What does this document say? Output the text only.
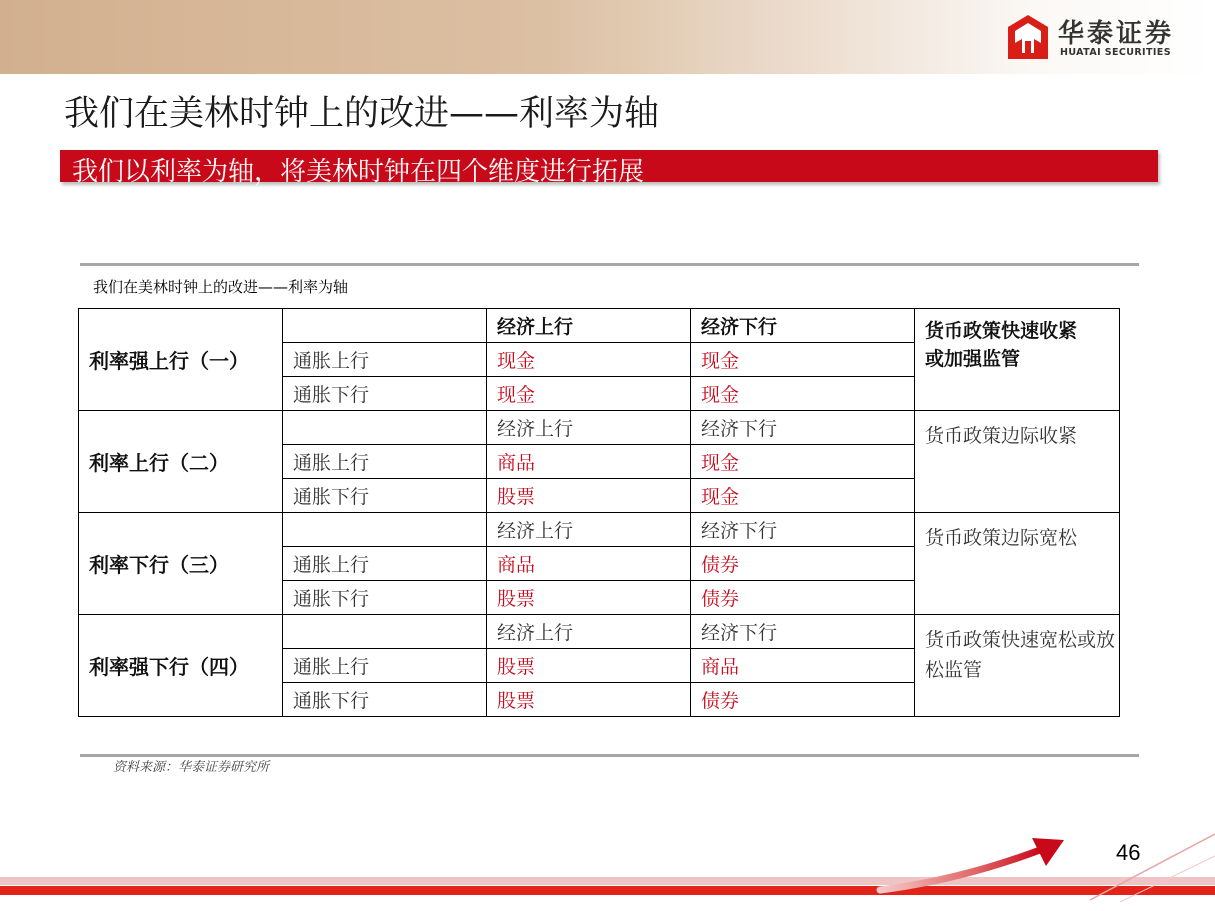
华泰证券
HUATAI SECURITIES
我们在美林时钟上的改进——利率为轴
我们以利率为轴，将美林时钟在四个维度进行拓展
我们在美林时钟上的改进——利率为轴
利率强上行（一）		经济上行	经济下行	货币政策快速收紧
或加强监管
	通胀上行	现金	现金	
	通胀下行	现金	现金	
利率上行（二）		经济上行	经济下行	货币政策边际收紧
	通胀上行	商品	现金	
	通胀下行	股票	现金	
利率下行（三）		经济上行	经济下行	货币政策边际宽松
	通胀上行	商品	债券	
	通胀下行	股票	债券	
利率强下行（四）		经济上行	经济下行	货币政策快速宽松或放松监管
	通胀上行	股票	商品	
	通胀下行	股票	债券	
资料来源：华泰证券研究所
46
